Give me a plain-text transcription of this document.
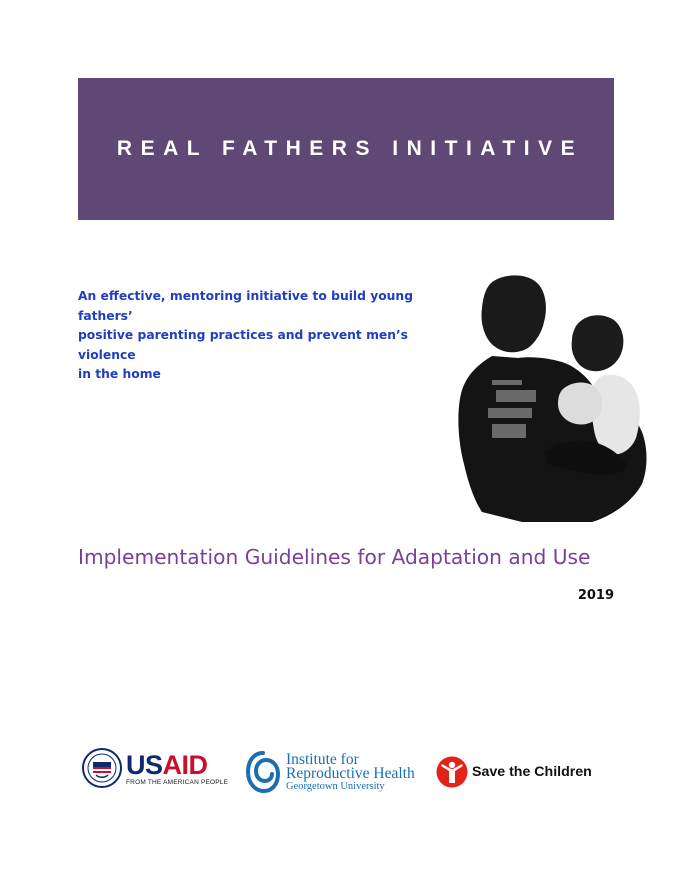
REAL FATHERS INITIATIVE
An effective, mentoring initiative to build young fathers’
positive parenting practices and prevent men’s violence
in the home
Implementation Guidelines for Adaptation and Use
2019
USAID
FROM THE AMERICAN PEOPLE
Institute for
Reproductive Health
Georgetown University
Save the Children
